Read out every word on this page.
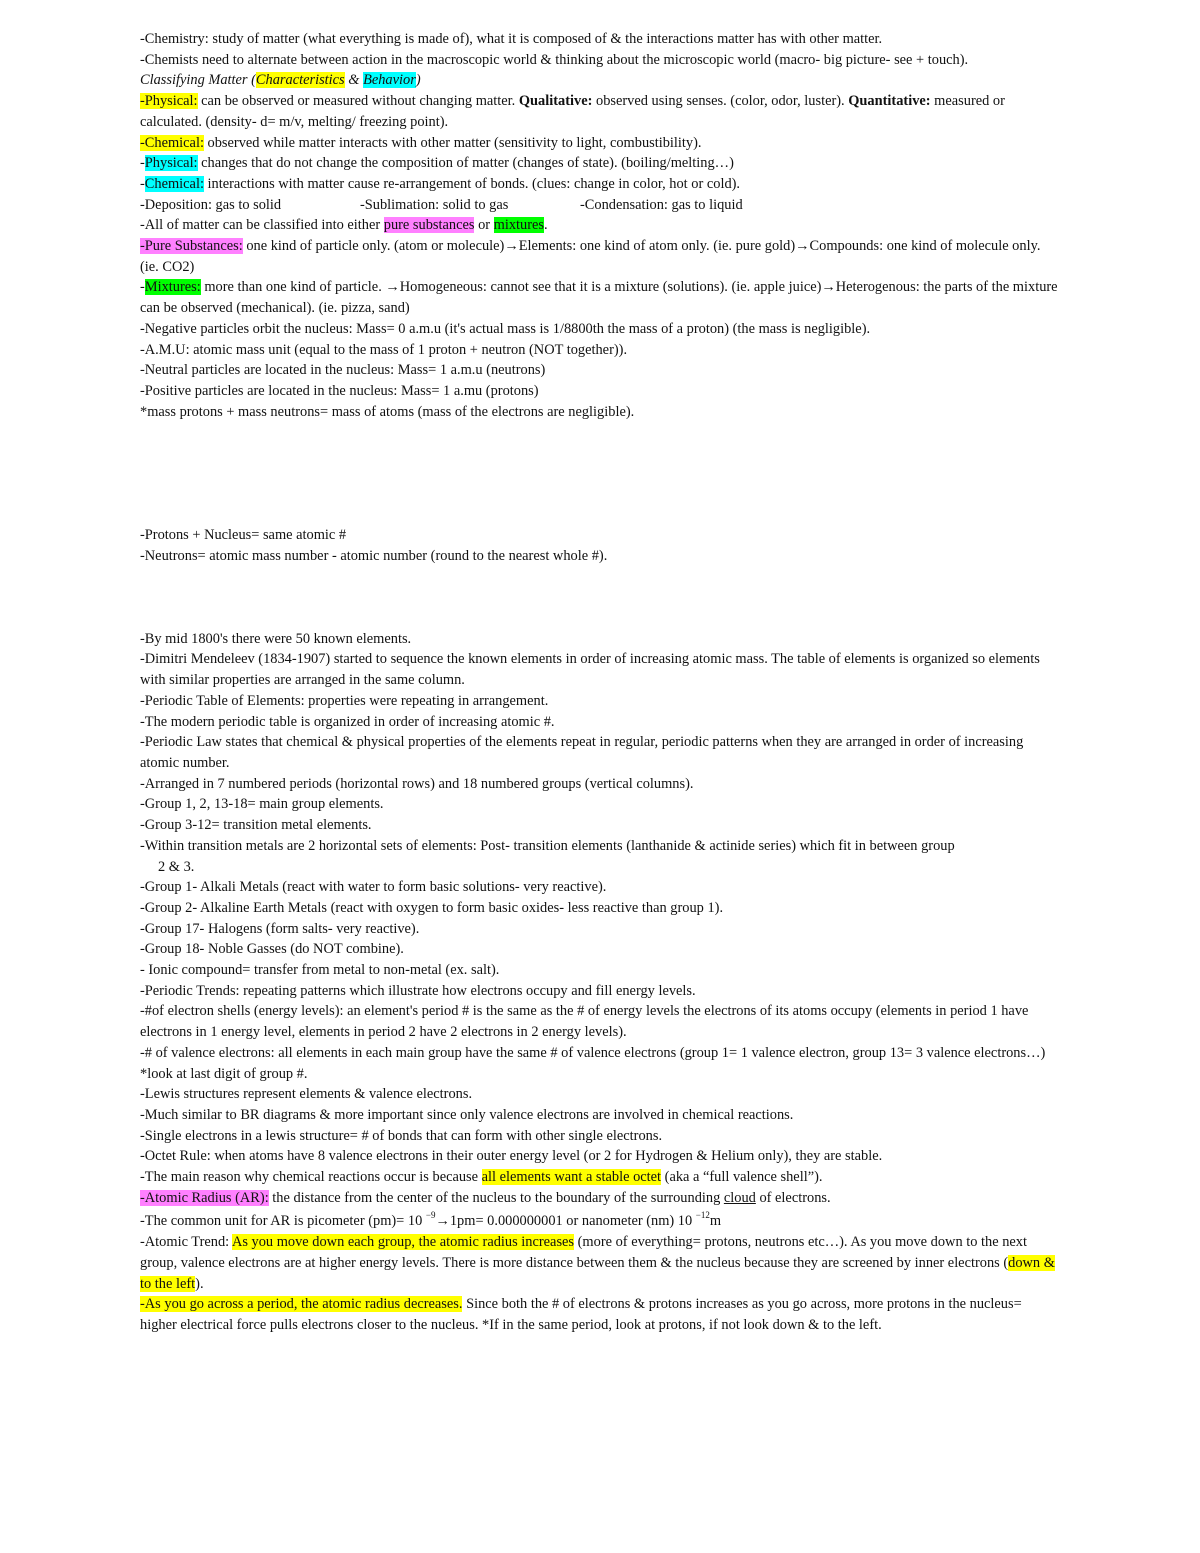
-Chemistry: study of matter (what everything is made of), what it is composed of & the interactions matter has with other matter.
-Chemists need to alternate between action in the macroscopic world & thinking about the microscopic world (macro- big picture- see + touch).
Classifying Matter (Characteristics & Behavior)
-Physical: can be observed or measured without changing matter. Qualitative: observed using senses. (color, odor, luster). Quantitative: measured or calculated. (density- d= m/v, melting/ freezing point).
-Chemical: observed while matter interacts with other matter (sensitivity to light, combustibility).
-Physical: changes that do not change the composition of matter (changes of state). (boiling/melting…)
-Chemical: interactions with matter cause re-arrangement of bonds. (clues: change in color, hot or cold).
-Deposition: gas to solid	-Sublimation: solid to gas	-Condensation: gas to liquid
-All of matter can be classified into either pure substances or mixtures.
-Pure Substances: one kind of particle only. (atom or molecule)→Elements: one kind of atom only. (ie. pure gold)→Compounds: one kind of molecule only. (ie. CO2)
-Mixtures: more than one kind of particle. →Homogeneous: cannot see that it is a mixture (solutions). (ie. apple juice)→Heterogenous: the parts of the mixture can be observed (mechanical). (ie. pizza, sand)
-Negative particles orbit the nucleus: Mass= 0 a.m.u (it's actual mass is 1/8800th the mass of a proton) (the mass is negligible).
-A.M.U: atomic mass unit (equal to the mass of 1 proton + neutron (NOT together)).
-Neutral particles are located in the nucleus: Mass= 1 a.m.u (neutrons)
-Positive particles are located in the nucleus: Mass= 1 a.mu (protons)
*mass protons + mass neutrons= mass of atoms (mass of the electrons are negligible).
-Protons + Nucleus= same atomic #
-Neutrons= atomic mass number - atomic number (round to the nearest whole #).
-By mid 1800's there were 50 known elements.
-Dimitri Mendeleev (1834-1907) started to sequence the known elements in order of increasing atomic mass. The table of elements is organized so elements with similar properties are arranged in the same column.
-Periodic Table of Elements: properties were repeating in arrangement.
-The modern periodic table is organized in order of increasing atomic #.
-Periodic Law states that chemical & physical properties of the elements repeat in regular, periodic patterns when they are arranged in order of increasing atomic number.
-Arranged in 7 numbered periods (horizontal rows) and 18 numbered groups (vertical columns).
-Group 1, 2, 13-18= main group elements.
-Group 3-12= transition metal elements.
-Within transition metals are 2 horizontal sets of elements: Post- transition elements (lanthanide & actinide series) which fit in between group
2 & 3.
-Group 1- Alkali Metals (react with water to form basic solutions- very reactive).
-Group 2- Alkaline Earth Metals (react with oxygen to form basic oxides- less reactive than group 1).
-Group 17- Halogens (form salts- very reactive).
-Group 18- Noble Gasses (do NOT combine).
- Ionic compound= transfer from metal to non-metal (ex. salt).
-Periodic Trends: repeating patterns which illustrate how electrons occupy and fill energy levels.
-#of electron shells (energy levels): an element's period # is the same as the # of energy levels the electrons of its atoms occupy (elements in period 1 have electrons in 1 energy level, elements in period 2 have 2 electrons in 2 energy levels).
-# of valence electrons: all elements in each main group have the same # of valence electrons (group 1= 1 valence electron, group 13= 3 valence electrons…) *look at last digit of group #.
-Lewis structures represent elements & valence electrons.
-Much similar to BR diagrams & more important since only valence electrons are involved in chemical reactions.
-Single electrons in a lewis structure= # of bonds that can form with other single electrons.
-Octet Rule: when atoms have 8 valence electrons in their outer energy level (or 2 for Hydrogen & Helium only), they are stable.
-The main reason why chemical reactions occur is because all elements want a stable octet (aka a “full valence shell”).
-Atomic Radius (AR): the distance from the center of the nucleus to the boundary of the surrounding cloud of electrons.
-The common unit for AR is picometer (pm)= 10 $^{-9}$→1pm= 0.000000001 or nanometer (nm) 10 $^{-12}$m
-Atomic Trend: As you move down each group, the atomic radius increases (more of everything= protons, neutrons etc…). As you move down to the next group, valence electrons are at higher energy levels. There is more distance between them & the nucleus because they are screened by inner electrons (down & to the left).
-As you go across a period, the atomic radius decreases. Since both the # of electrons & protons increases as you go across, more protons in the nucleus= higher electrical force pulls electrons closer to the nucleus. *If in the same period, look at protons, if not look down & to the left.
